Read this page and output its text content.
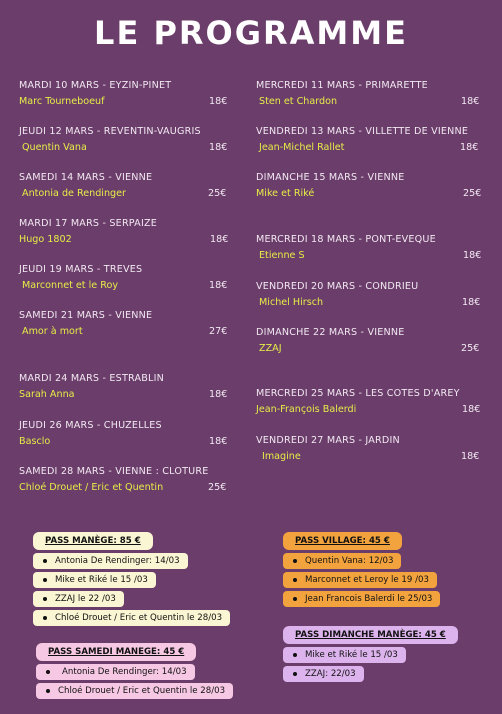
LE PROGRAMME
MARDI 10 MARS - EYZIN-PINET
Marc Tourneboeuf	18€
JEUDI 12 MARS - REVENTIN-VAUGRIS
Quentin Vana	18€
SAMEDI 14 MARS - VIENNE
Antonia de Rendinger	25€
MARDI 17 MARS - SERPAIZE
Hugo 1802	18€
JEUDI 19 MARS - TREVES
Marconnet et le Roy	18€
SAMEDI 21 MARS - VIENNE
Amor à mort	27€
MARDI 24 MARS - ESTRABLIN
Sarah Anna	18€
JEUDI 26 MARS - CHUZELLES
Basclo	18€
SAMEDI 28 MARS - VIENNE : CLOTURE
Chloé Drouet / Eric et Quentin	25€
MERCREDI 11 MARS - PRIMARETTE
Sten et Chardon	18€
VENDREDI 13 MARS - VILLETTE DE VIENNE
Jean-Michel Rallet	18€
DIMANCHE 15 MARS - VIENNE
Mike et Riké	25€
MERCREDI 18 MARS - PONT-EVEQUE
Etienne S	18€
VENDREDI 20 MARS - CONDRIEU
Michel Hirsch	18€
DIMANCHE 22 MARS - VIENNE
ZZAJ	25€
MERCREDI 25 MARS - LES COTES D'AREY
Jean-François Balerdi	18€
VENDREDI 27 MARS - JARDIN
Imagine	18€
PASS MANÈGE: 85 €
Antonia De Rendinger: 14/03
Mike et Riké le 15 /03
ZZAJ le 22 /03
Chloé Drouet / Eric et Quentin le 28/03
PASS VILLAGE: 45 €
Quentin Vana: 12/03
Marconnet et Leroy le 19 /03
Jean Francois Balerdi le 25/03
PASS SAMEDI MANEGE: 45 €
Antonia De Rendinger: 14/03
Chloé Drouet / Eric et Quentin le 28/03
PASS DIMANCHE MANÈGE: 45 €
Mike et Riké le 15 /03
ZZAJ: 22/03
